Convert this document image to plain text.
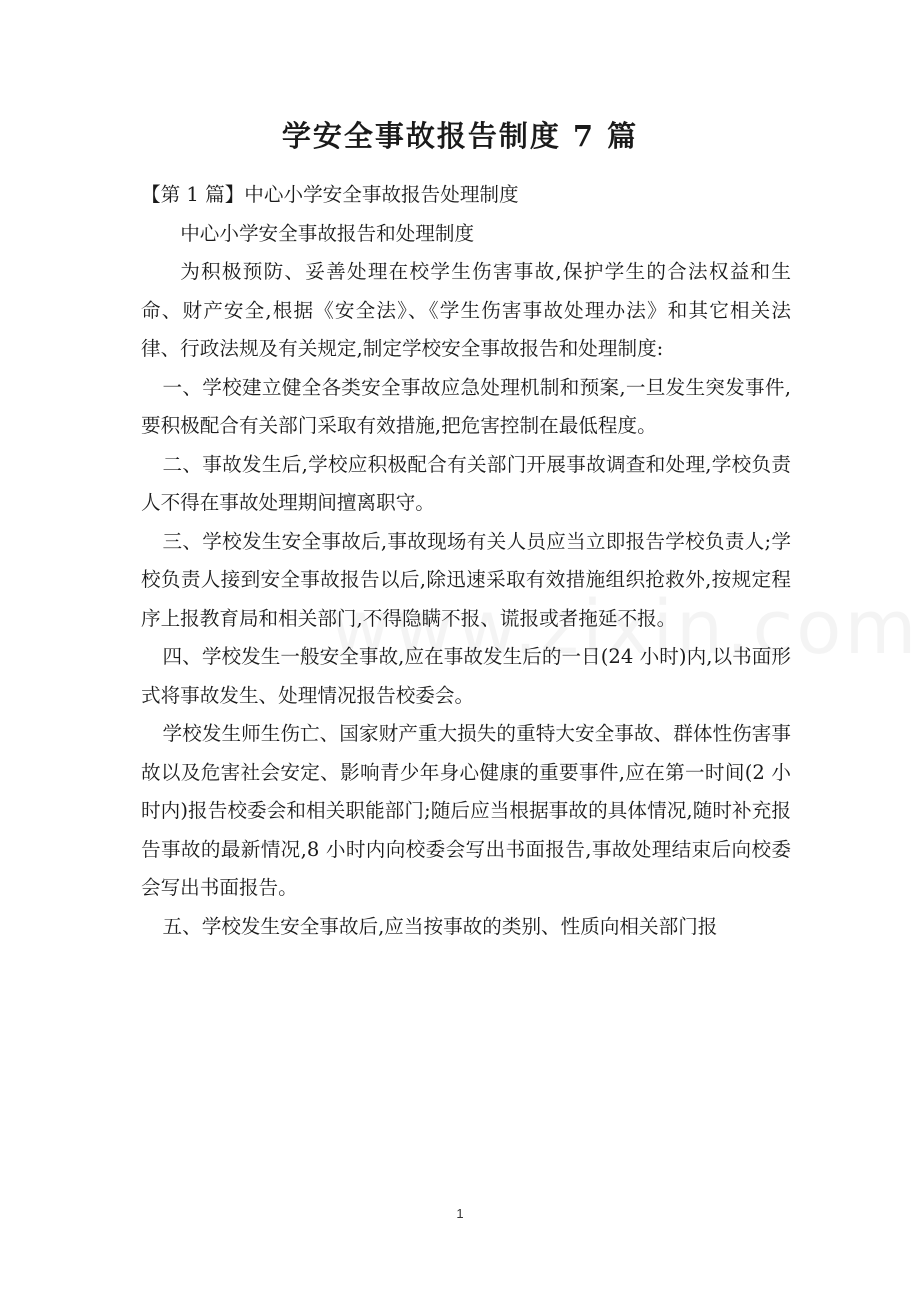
学安全事故报告制度 7 篇

【第 1 篇】中心小学安全事故报告处理制度

中心小学安全事故报告和处理制度

为积极预防、妥善处理在校学生伤害事故,保护学生的合法权益和生命、财产安全,根据《安全法》、《学生伤害事故处理办法》和其它相关法律、行政法规及有关规定,制定学校安全事故报告和处理制度:

一、学校建立健全各类安全事故应急处理机制和预案,一旦发生突发事件,要积极配合有关部门采取有效措施,把危害控制在最低程度。

二、事故发生后,学校应积极配合有关部门开展事故调查和处理,学校负责人不得在事故处理期间擅离职守。

三、学校发生安全事故后,事故现场有关人员应当立即报告学校负责人;学校负责人接到安全事故报告以后,除迅速采取有效措施组织抢救外,按规定程序上报教育局和相关部门,不得隐瞒不报、谎报或者拖延不报。

四、学校发生一般安全事故,应在事故发生后的一日(24 小时)内,以书面形式将事故发生、处理情况报告校委会。

学校发生师生伤亡、国家财产重大损失的重特大安全事故、群体性伤害事故以及危害社会安定、影响青少年身心健康的重要事件,应在第一时间(2 小时内)报告校委会和相关职能部门;随后应当根据事故的具体情况,随时补充报告事故的最新情况,8 小时内向校委会写出书面报告,事故处理结束后向校委会写出书面报告。

五、学校发生安全事故后,应当按事故的类别、性质向相关部门报

1
